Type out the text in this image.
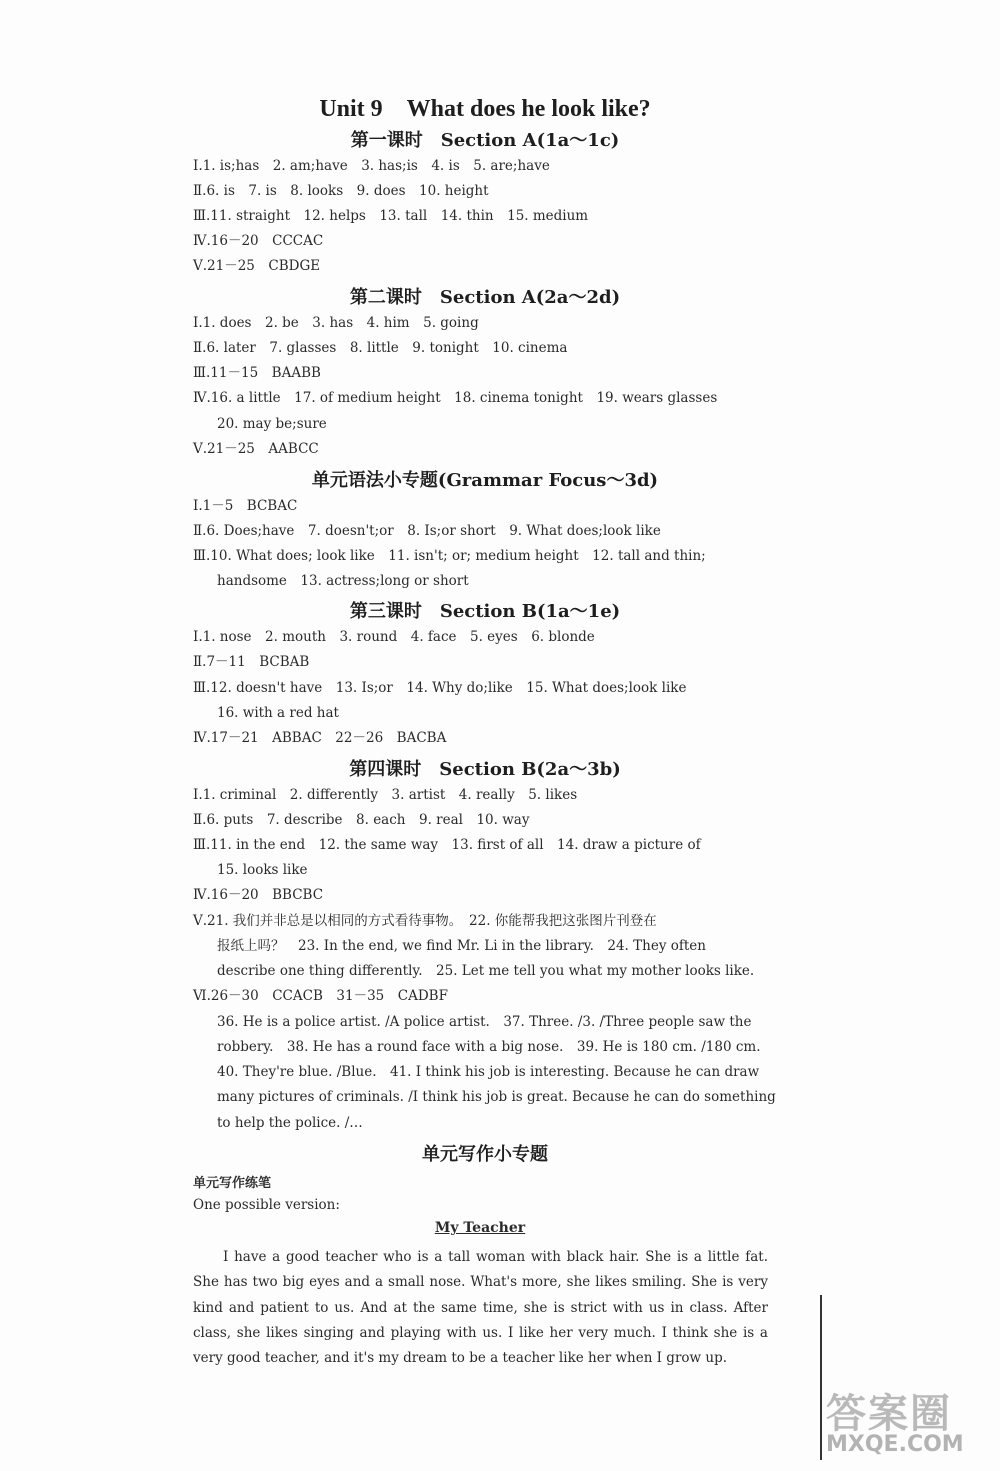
Unit 9　What does he look like?
第一课时　Section A(1a～1c)

Ⅰ.1. is;has　2. am;have　3. has;is　4. is　5. are;have

Ⅱ.6. is　7. is　8. looks　9. does　10. height

Ⅲ.11. straight　12. helps　13. tall　14. thin　15. medium

Ⅳ.16－20　CCCAC

Ⅴ.21－25　CBDGE

第二课时　Section A(2a～2d)

Ⅰ.1. does　2. be　3. has　4. him　5. going

Ⅱ.6. later　7. glasses　8. little　9. tonight　10. cinema

Ⅲ.11－15　BAABB

Ⅳ.16. a little　17. of medium height　18. cinema tonight　19. wears glasses

20. may be;sure

Ⅴ.21－25　AABCC

单元语法小专题(Grammar Focus～3d)

Ⅰ.1－5　BCBAC

Ⅱ.6. Does;have　7. doesn't;or　8. Is;or short　9. What does;look like

Ⅲ.10. What does; look like　11. isn't; or; medium height　12. tall and thin;

handsome　13. actress;long or short

第三课时　Section B(1a～1e)

Ⅰ.1. nose　2. mouth　3. round　4. face　5. eyes　6. blonde

Ⅱ.7－11　BCBAB

Ⅲ.12. doesn't have　13. Is;or　14. Why do;like　15. What does;look like

16. with a red hat

Ⅳ.17－21　ABBAC　22－26　BACBA

第四课时　Section B(2a～3b)

Ⅰ.1. criminal　2. differently　3. artist　4. really　5. likes

Ⅱ.6. puts　7. describe　8. each　9. real　10. way

Ⅲ.11. in the end　12. the same way　13. first of all　14. draw a picture of

15. looks like

Ⅳ.16－20　BBCBC

Ⅴ.21. 我们并非总是以相同的方式看待事物。　22. 你能帮我把这张图片刊登在

报纸上吗？　23. In the end, we find Mr. Li in the library.　24. They often

describe one thing differently.　25. Let me tell you what my mother looks like.

Ⅵ.26－30　CCACB　31－35　CADBF

36. He is a police artist. /A police artist.　37. Three. /3. /Three people saw the

robbery.　38. He has a round face with a big nose.　39. He is 180 cm. /180 cm.

40. They're blue. /Blue.　41. I think his job is interesting. Because he can draw

many pictures of criminals. /I think his job is great. Because he can do something

to help the police. /…

单元写作小专题

单元写作练笔

One possible version:

My Teacher

I have a good teacher who is a tall woman with black hair. She is a little fat. She has two big eyes and a small nose. What's more, she likes smiling. She is very kind and patient to us. And at the same time, she is strict with us in class. After class, she likes singing and playing with us. I like her very much. I think she is a very good teacher, and it's my dream to be a teacher like her when I grow up.

答案圈
MXQE.COM
